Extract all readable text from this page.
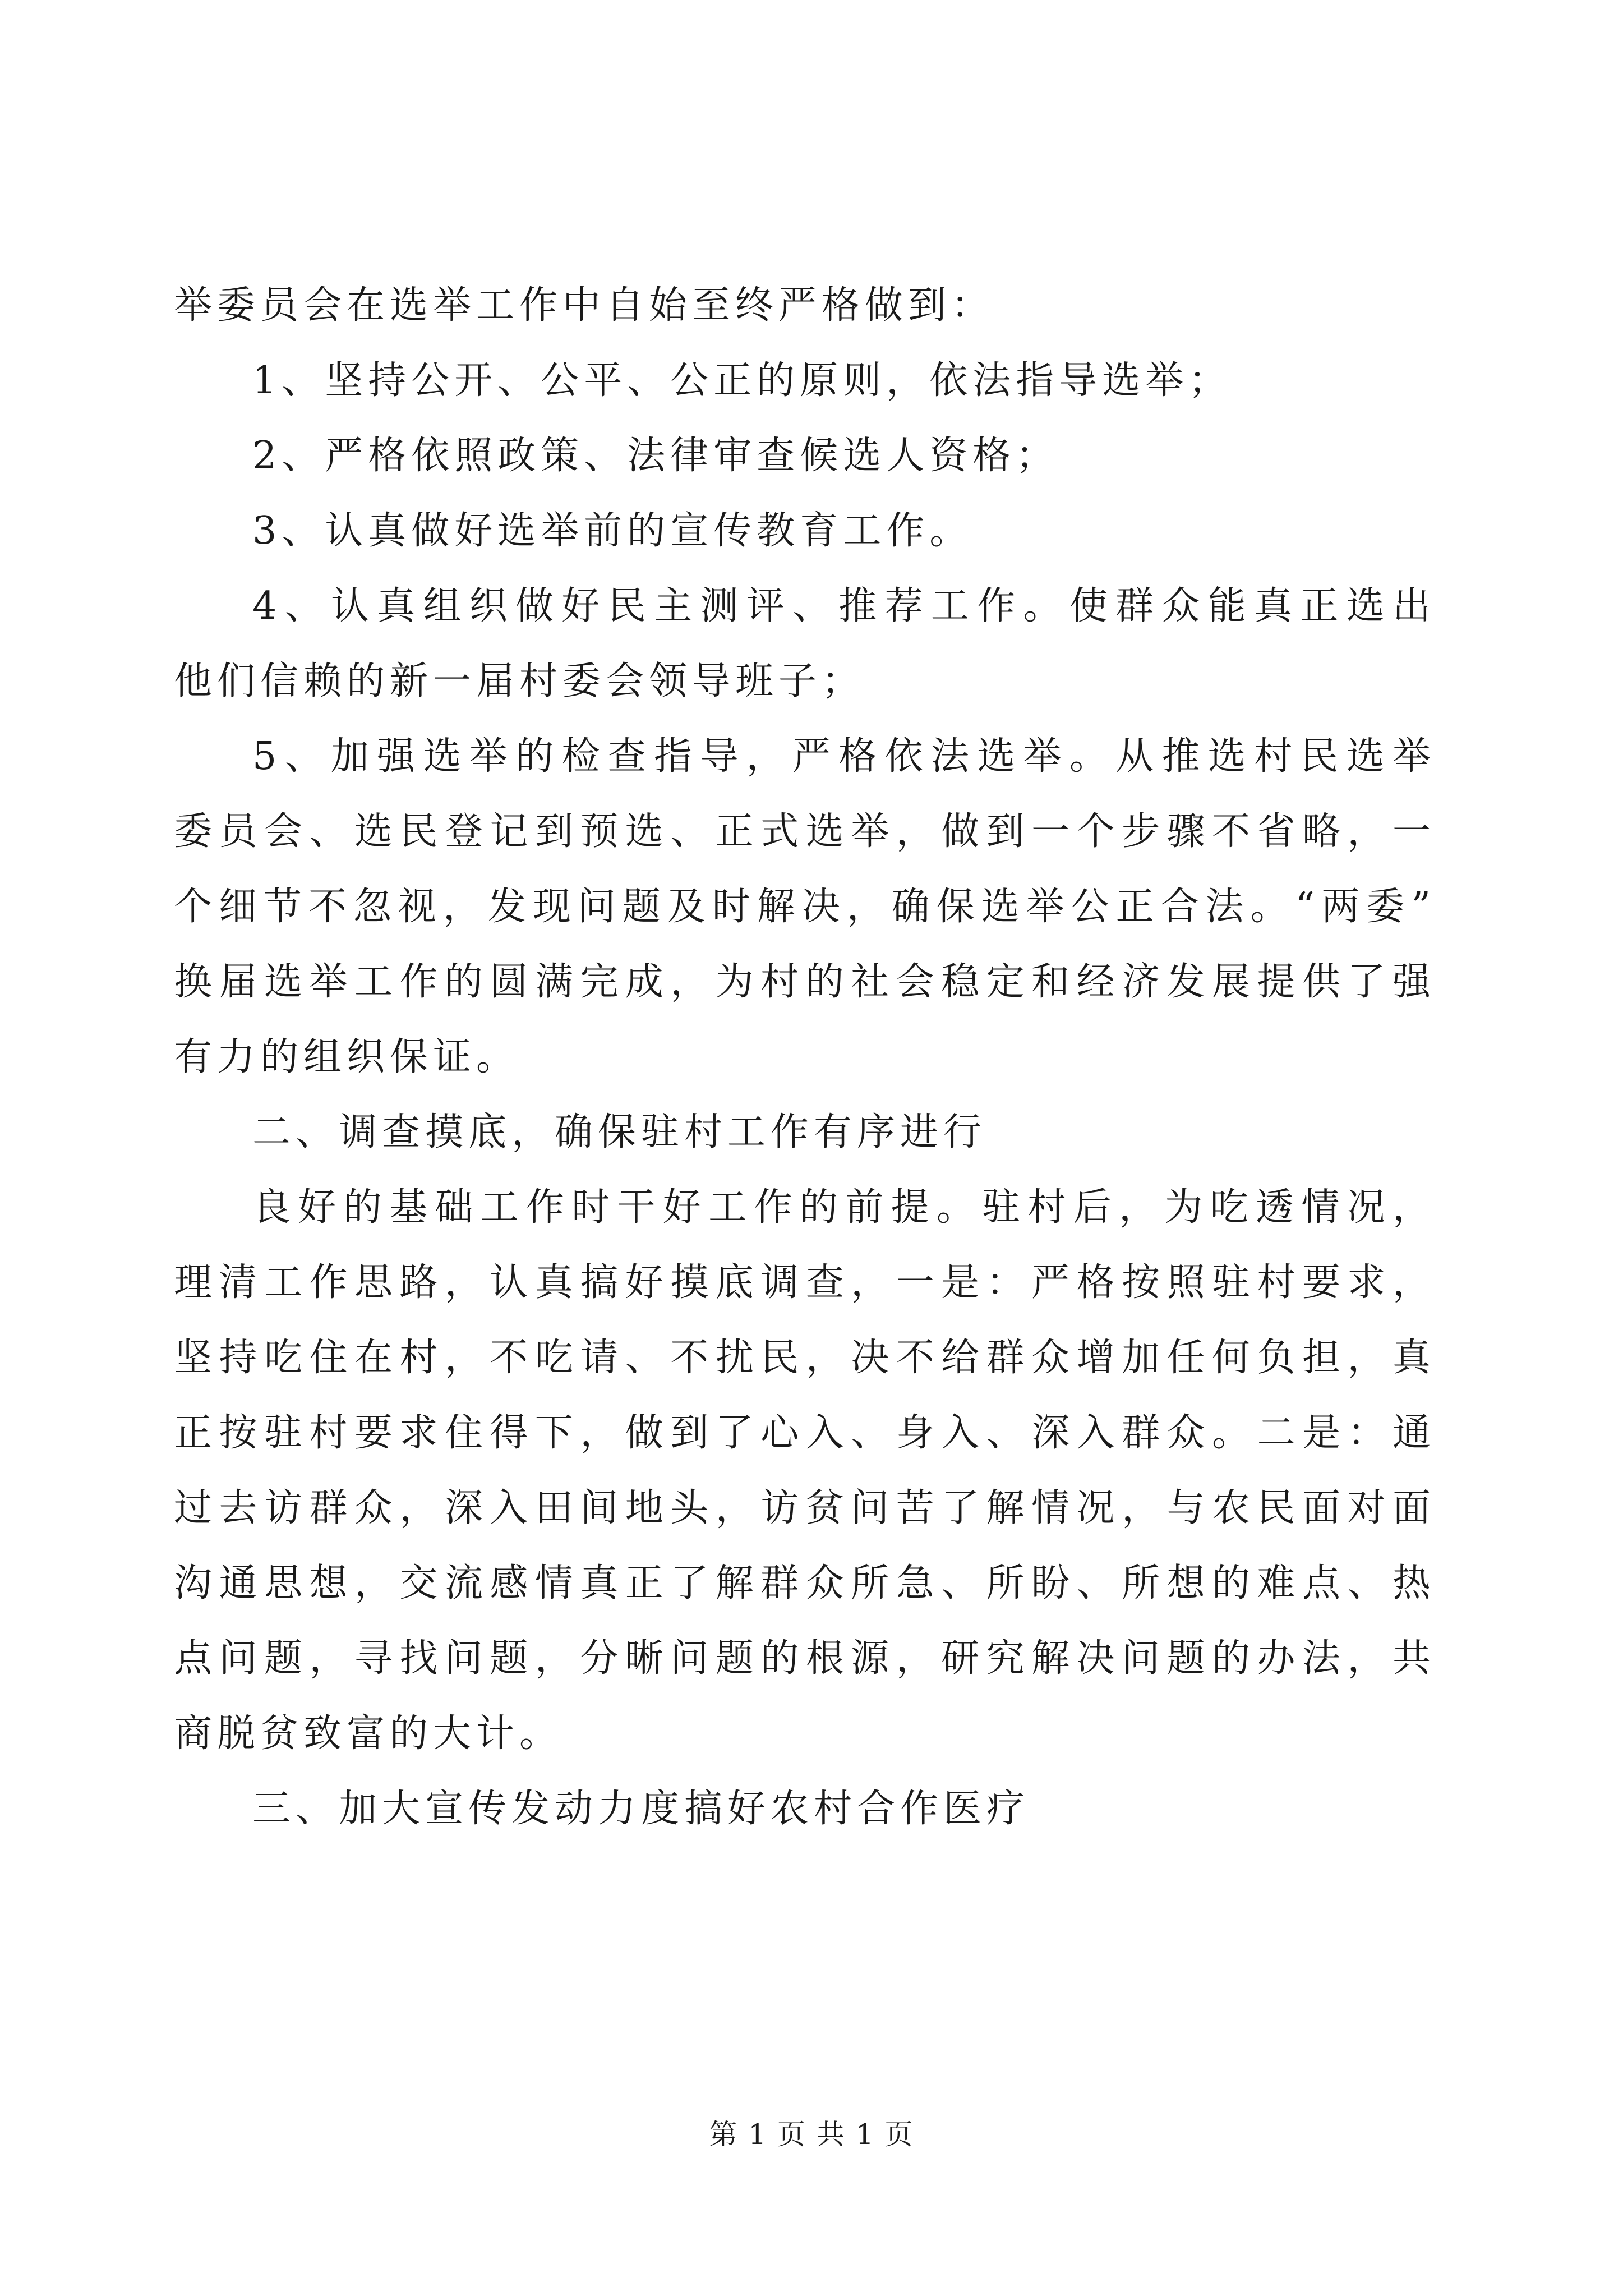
举委员会在选举工作中自始至终严格做到：
1、坚持公开、公平、公正的原则，依法指导选举；
2、严格依照政策、法律审查候选人资格；
3、认真做好选举前的宣传教育工作。
4、认真组织做好民主测评、推荐工作。使群众能真正选出
他们信赖的新一届村委会领导班子；
5、加强选举的检查指导，严格依法选举。从推选村民选举
委员会、选民登记到预选、正式选举，做到一个步骤不省略，一
个细节不忽视，发现问题及时解决，确保选举公正合法。“两委”
换届选举工作的圆满完成，为村的社会稳定和经济发展提供了强
有力的组织保证。
二、调查摸底，确保驻村工作有序进行
良好的基础工作时干好工作的前提。驻村后，为吃透情况，
理清工作思路，认真搞好摸底调查，一是：严格按照驻村要求，
坚持吃住在村，不吃请、不扰民，决不给群众增加任何负担，真
正按驻村要求住得下，做到了心入、身入、深入群众。二是：通
过去访群众，深入田间地头，访贫问苦了解情况，与农民面对面
沟通思想，交流感情真正了解群众所急、所盼、所想的难点、热
点问题，寻找问题，分晰问题的根源，研究解决问题的办法，共
商脱贫致富的大计。
三、加大宣传发动力度搞好农村合作医疗
第 1 页 共 1 页
